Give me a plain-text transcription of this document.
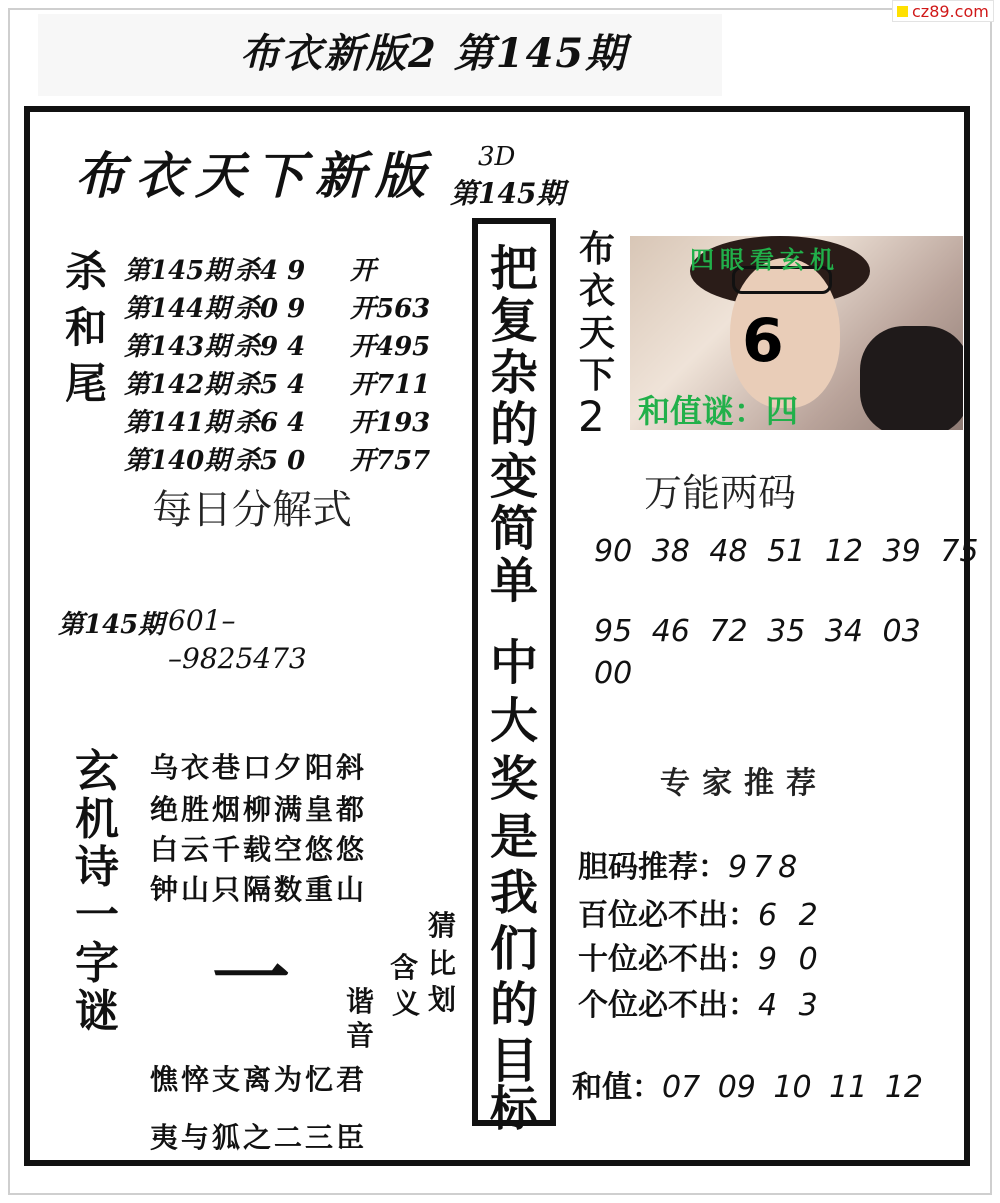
布衣新版2 第145期
cz89.com
布衣天下新版 3D
第145期
杀和尾
第145期 杀4 9 开
第144期 杀0 9 开563
第143期 杀9 4 开495
第142期 杀5 4 开711
第141期 杀6 4 开193
第140期 杀5 0 开757
每日分解式
第145期 601–
–9825473
玄机诗一字谜
乌衣巷口夕阳斜
绝胜烟柳满皇都
白云千载空悠悠
钟山只隔数重山
一
猜
比
划
含
义
谐
音
憔悴支离为忆君
夷与狐之二三臣
把
复
杂
的
变
简
单
中
大
奖
是
我
们
的
目
标
布
衣
天
下
2
四眼看玄机
6
和值谜：四
万能两码
90 38 48 51 12 39 75
95 46 72 35 34 03
00
专家推荐
胆码推荐：978
百位必不出：6 2
十位必不出：9 0
个位必不出：4 3
和值：07 09 10 11 12
